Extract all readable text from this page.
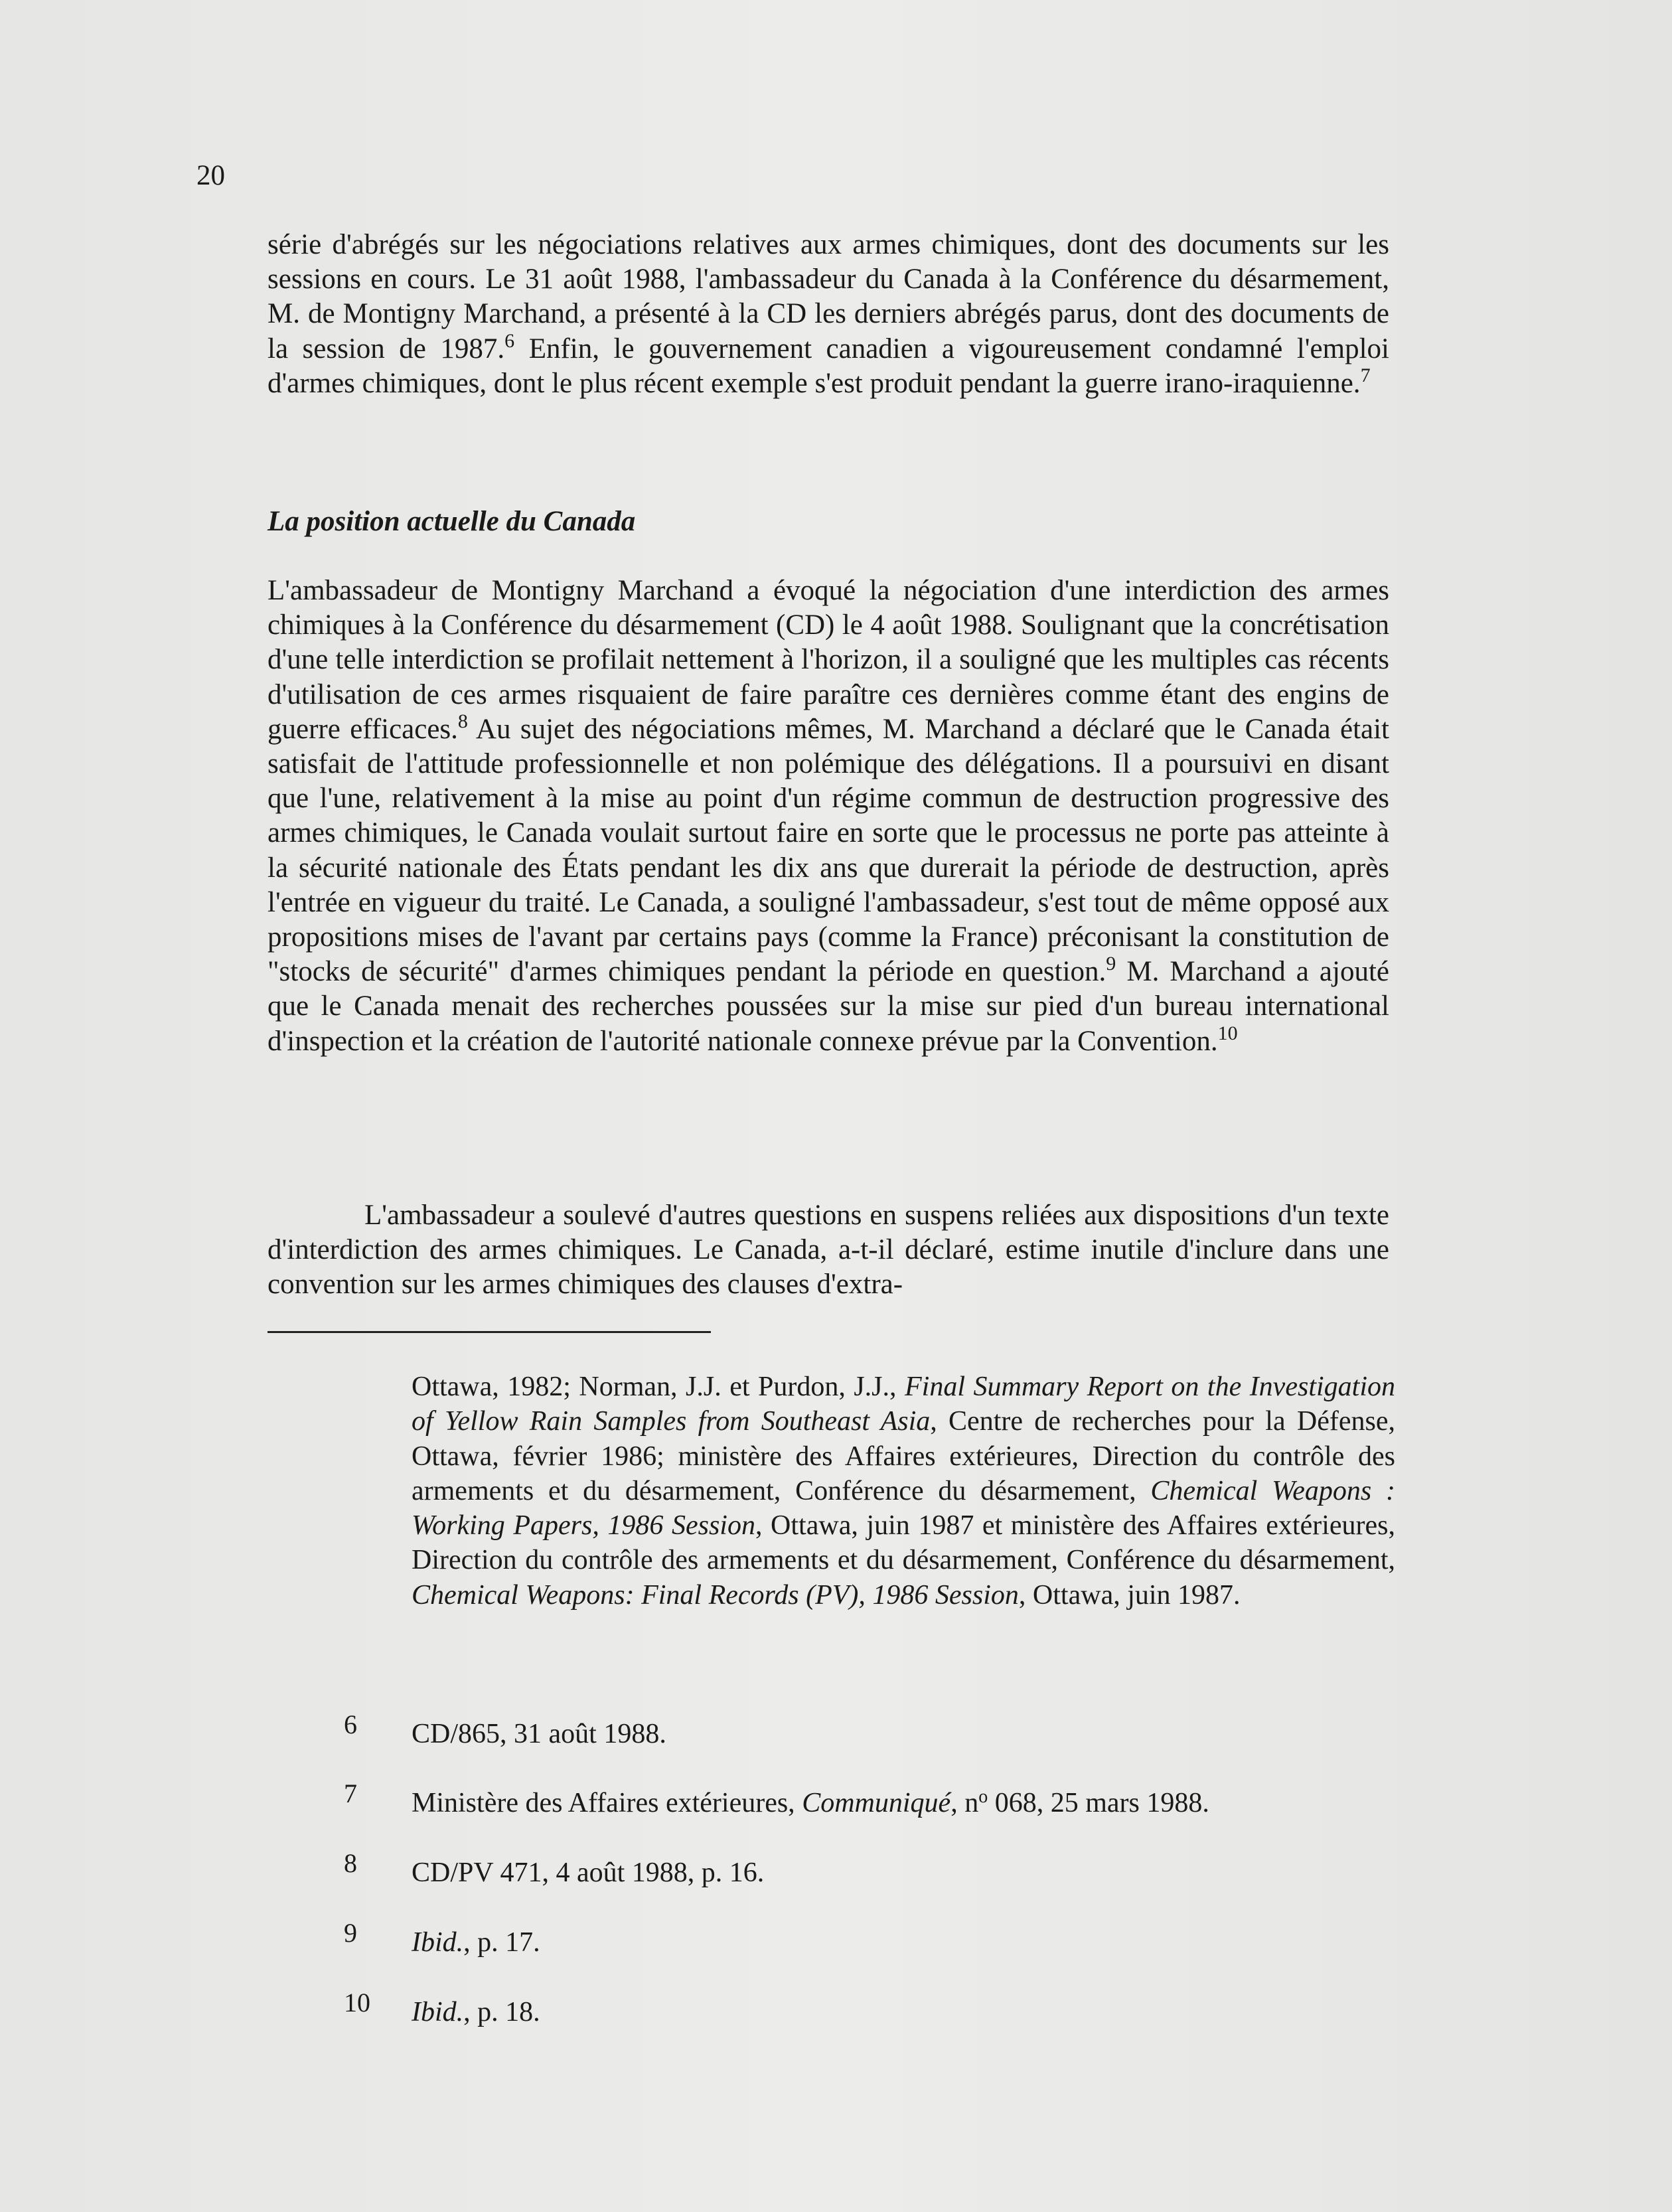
20

série d'abrégés sur les négociations relatives aux armes chimiques, dont des documents sur les sessions en cours. Le 31 août 1988, l'ambassadeur du Canada à la Conférence du désarmement, M. de Montigny Marchand, a présenté à la CD les derniers abrégés parus, dont des documents de la session de 1987.$^6$ Enfin, le gouvernement canadien a vigoureusement condamné l'emploi d'armes chimiques, dont le plus récent exemple s'est produit pendant la guerre irano-iraquienne.$^7$

La position actuelle du Canada

L'ambassadeur de Montigny Marchand a évoqué la négociation d'une interdiction des armes chimiques à la Conférence du désarmement (CD) le 4 août 1988. Soulignant que la concrétisation d'une telle interdiction se profilait nettement à l'horizon, il a souligné que les multiples cas récents d'utilisation de ces armes risquaient de faire paraître ces dernières comme étant des engins de guerre efficaces.$^8$ Au sujet des négociations mêmes, M. Marchand a déclaré que le Canada était satisfait de l'attitude professionnelle et non polémique des délégations. Il a poursuivi en disant que l'une, relativement à la mise au point d'un régime commun de destruction progressive des armes chimiques, le Canada voulait surtout faire en sorte que le processus ne porte pas atteinte à la sécurité nationale des États pendant les dix ans que durerait la période de destruction, après l'entrée en vigueur du traité. Le Canada, a souligné l'ambassadeur, s'est tout de même opposé aux propositions mises de l'avant par certains pays (comme la France) préconisant la constitution de "stocks de sécurité" d'armes chimiques pendant la période en question.$^9$ M. Marchand a ajouté que le Canada menait des recherches poussées sur la mise sur pied d'un bureau international d'inspection et la création de l'autorité nationale connexe prévue par la Convention.$^{10}$

L'ambassadeur a soulevé d'autres questions en suspens reliées aux dispositions d'un texte d'interdiction des armes chimiques. Le Canada, a-t-il déclaré, estime inutile d'inclure dans une convention sur les armes chimiques des clauses d'extra-

Ottawa, 1982; Norman, J.J. et Purdon, J.J., Final Summary Report on the Investigation of Yellow Rain Samples from Southeast Asia, Centre de recherches pour la Défense, Ottawa, février 1986; ministère des Affaires extérieures, Direction du contrôle des armements et du désarmement, Conférence du désarmement, Chemical Weapons : Working Papers, 1986 Session, Ottawa, juin 1987 et ministère des Affaires extérieures, Direction du contrôle des armements et du désarmement, Conférence du désarmement, Chemical Weapons: Final Records (PV), 1986 Session, Ottawa, juin 1987.

6 CD/865, 31 août 1988.
7 Ministère des Affaires extérieures, Communiqué, $n^o$ 068, 25 mars 1988.
8 CD/PV 471, 4 août 1988, p. 16.
9 Ibid., p. 17.
10 Ibid., p. 18.
